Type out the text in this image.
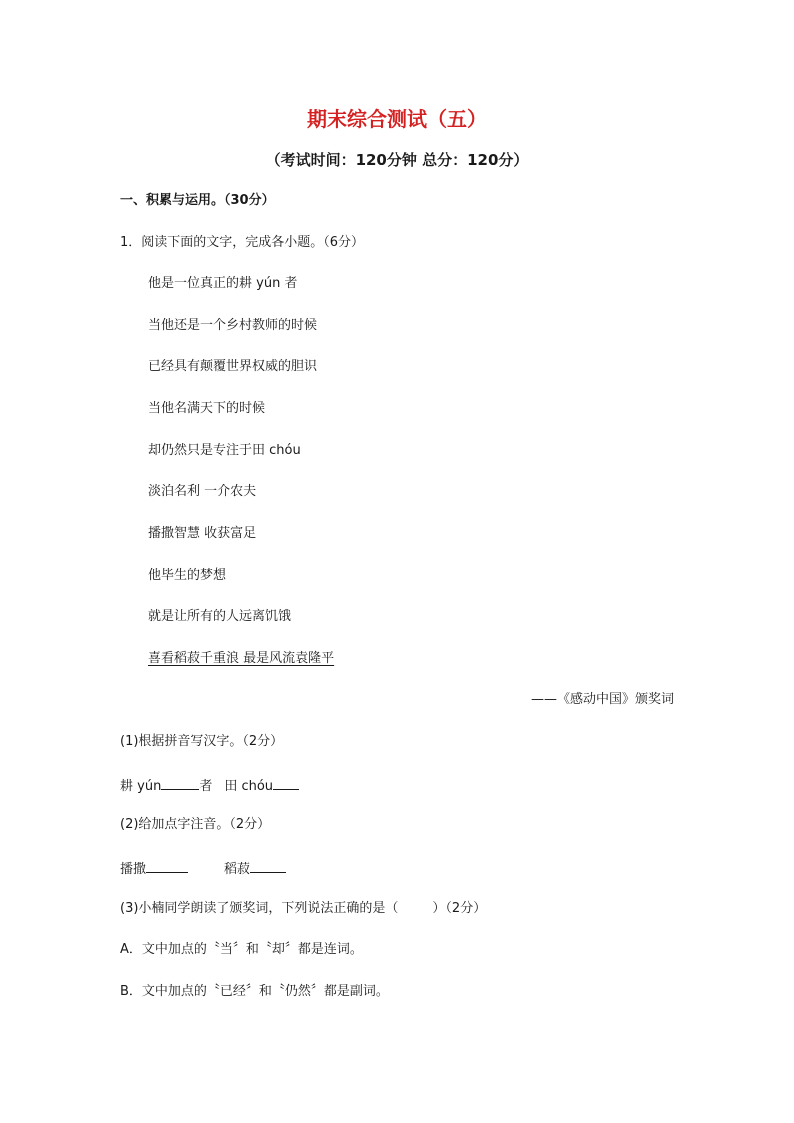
期末综合测试（五）
（考试时间：120分钟 总分：120分）
一、积累与运用。（30分）
1．阅读下面的文字，完成各小题。（6分）
他是一位真正的耕 yún 者
当他还是一个乡村教师的时候
已经具有颠覆世界权威的胆识
当他名满天下的时候
却仍然只是专注于田 chóu
淡泊名利 一介农夫
播撒智慧 收获富足
他毕生的梦想
就是让所有的人远离饥饿
喜看稻菽千重浪 最是风流袁隆平
——《感动中国》颁奖词
(1)根据拼音写汉字。（2分）
耕 yún	者 田 chóu
(2)给加点字注音。（2分）
播撒	稻菽
(3)小楠同学朗读了颁奖词，下列说法正确的是（	）（2分）
A．文中加点的〝当〞和〝却〞都是连词。
B．文中加点的〝已经〞和〝仍然〞都是副词。
